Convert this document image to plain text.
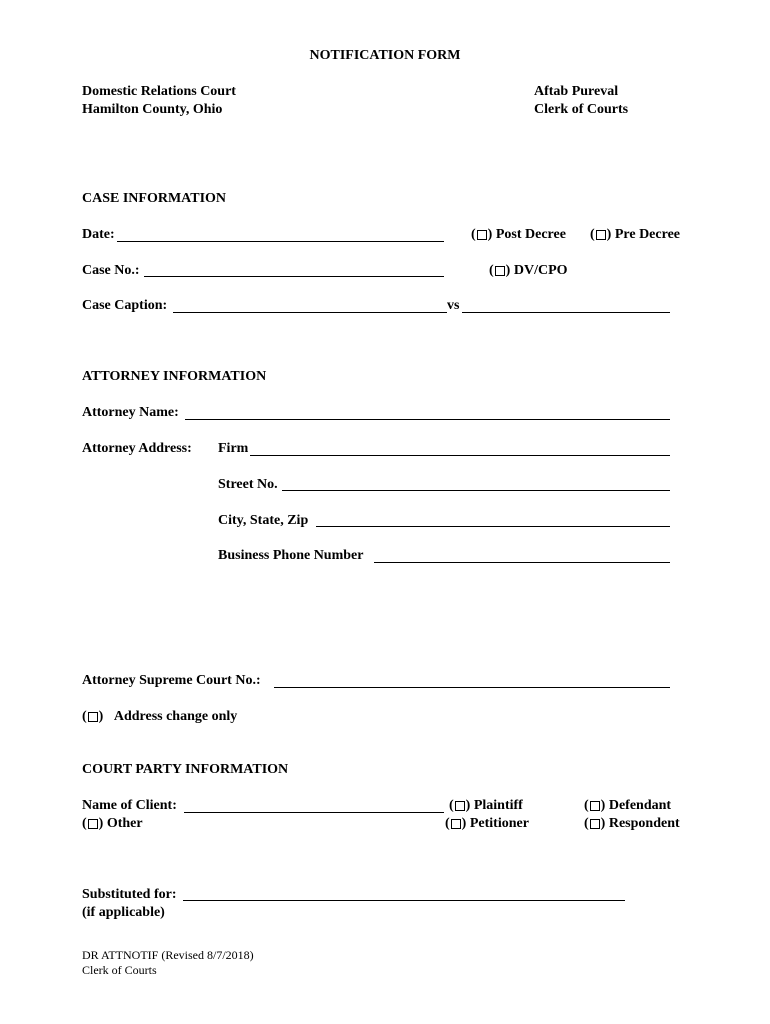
NOTIFICATION FORM
Domestic Relations Court
Hamilton County, Ohio
Aftab Pureval
Clerk of Courts
CASE INFORMATION
Date:	( ) Post Decree ( ) Pre Decree
Case No.:	( ) DV/CPO
Case Caption:	vs
ATTORNEY INFORMATION
Attorney Name:
Attorney Address: Firm
Street No.
City, State, Zip
Business Phone Number
Attorney Supreme Court No.:
( ) Address change only
COURT PARTY INFORMATION
Name of Client:	( ) Plaintiff	( ) Defendant
( ) Other	( ) Petitioner	( ) Respondent
Substituted for:
(if applicable)
DR ATTNOTIF (Revised 8/7/2018)
Clerk of Courts
